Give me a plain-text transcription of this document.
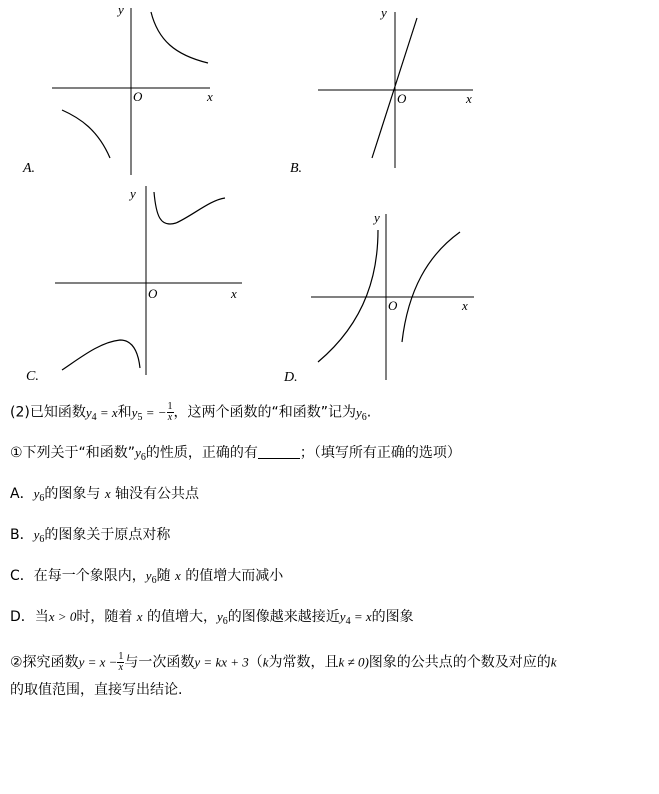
y
x
O
A.
y
x
O
B.
y
x
O
C.
y
x
O
D.
(2)已知函数$y_4 = x$和$y_5$ = − $\frac{1}{x}$ ，这两个函数的“和函数”记为$y_6$.
①下列关于“和函数$”y_6$的性质，正确的有	；（填写所有正确的选项）
A．$y_6$的图象与 x 轴没有公共点
B．$y_6$的图象关于原点对称
C．在每一个象限内，$y_6$随 x 的值增大而减小
D．当x > 0时，随着 x 的值增大，$y_6$的图像越来越接近$y_4 = x$的图象
②探究函数$y = x - \frac{1}{x}$ 与一次函数y = kx + 3（k为常数，且k ≠ 0)图象的公共点的个数及对应的k
的取值范围，直接写出结论.
